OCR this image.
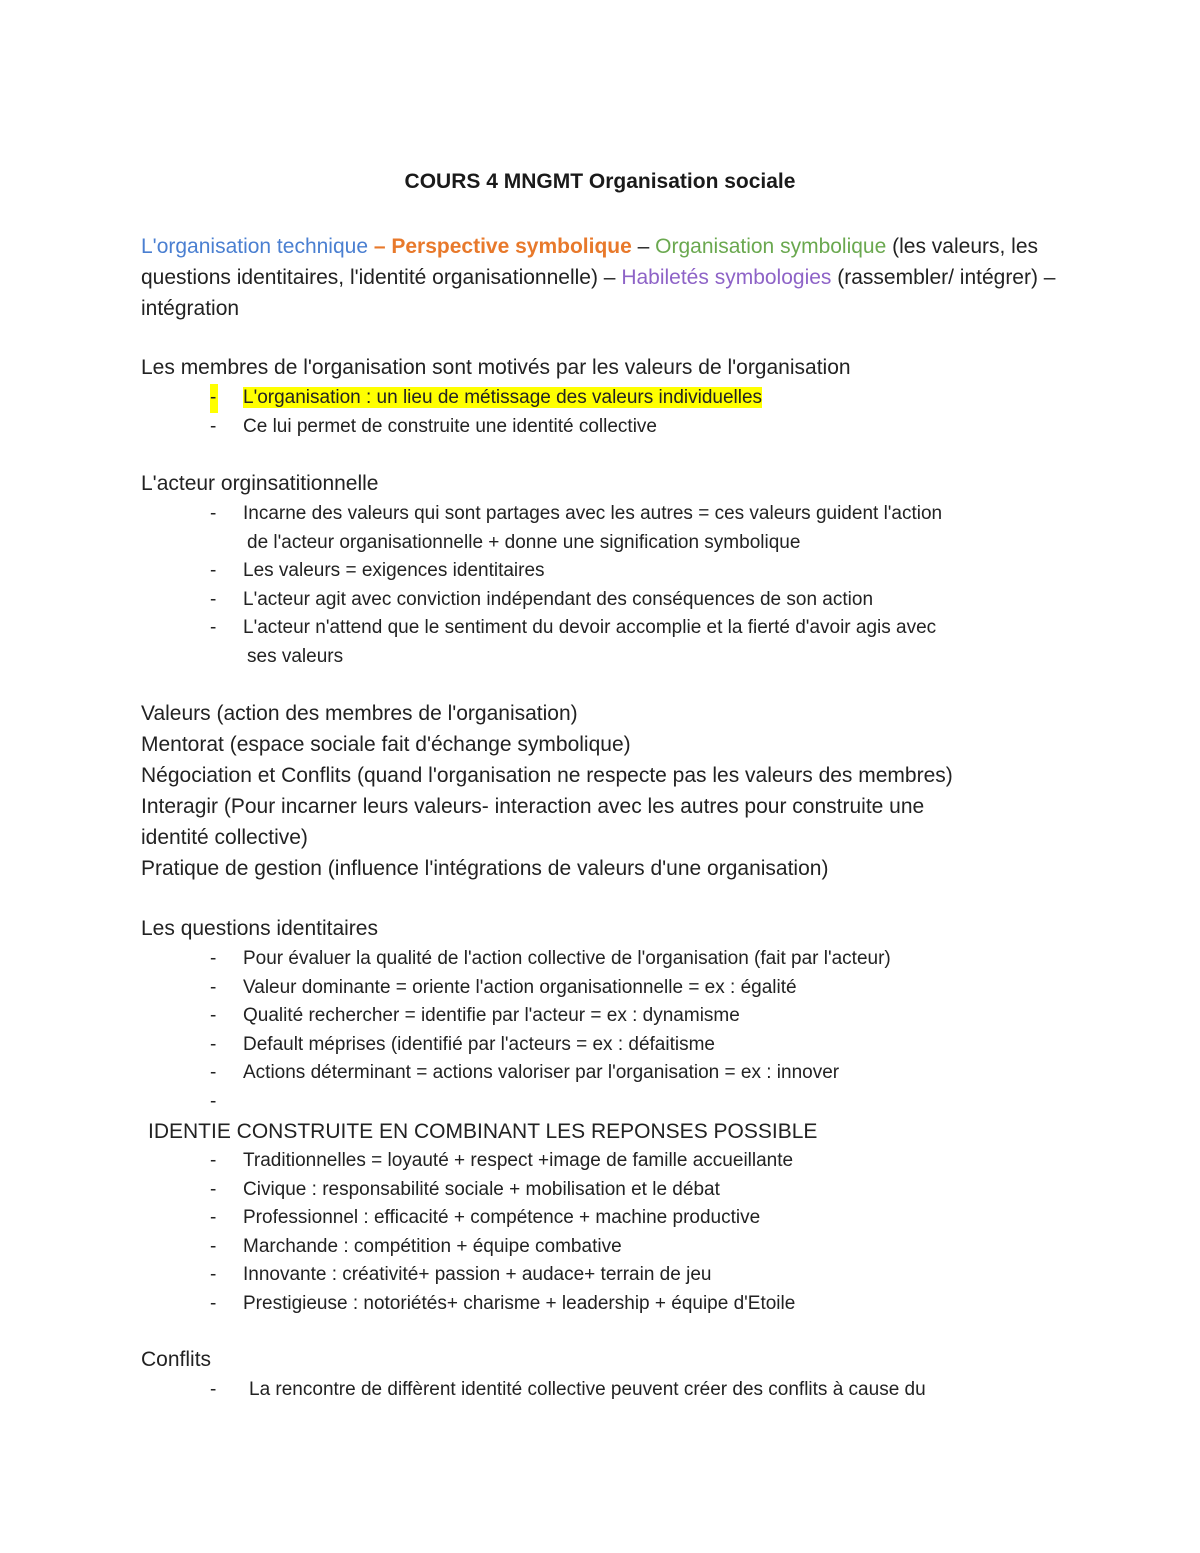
COURS 4 MNGMT Organisation sociale
L'organisation technique – Perspective symbolique – Organisation symbolique (les valeurs, les questions identitaires, l'identité organisationnelle) – Habiletés symbologies (rassembler/ intégrer) – intégration
Les membres de l'organisation sont motivés par les valeurs de l'organisation
- L'organisation : un lieu de métissage des valeurs individuelles
- Ce lui permet de construite une identité collective
L'acteur orginsatitionnelle
- Incarne des valeurs qui sont partages avec les autres = ces valeurs guident l'action
de l'acteur organisationnelle + donne une signification symbolique
- Les valeurs = exigences identitaires
- L'acteur agit avec conviction indépendant des conséquences de son action
- L'acteur n'attend que le sentiment du devoir accomplie et la fierté d'avoir agis avec
ses valeurs
Valeurs (action des membres de l'organisation)
Mentorat (espace sociale fait d'échange symbolique)
Négociation et Conflits (quand l'organisation ne respecte pas les valeurs des membres)
Interagir (Pour incarner leurs valeurs- interaction avec les autres pour construite une
identité collective)
Pratique de gestion (influence l'intégrations de valeurs d'une organisation)
Les questions identitaires
- Pour évaluer la qualité de l'action collective de l'organisation (fait par l'acteur)
- Valeur dominante = oriente l'action organisationnelle = ex : égalité
- Qualité rechercher = identifie par l'acteur = ex : dynamisme
- Default méprises (identifié par l'acteurs = ex : défaitisme
- Actions déterminant = actions valoriser par l'organisation = ex : innover
-

IDENTIE CONSTRUITE EN COMBINANT LES REPONSES POSSIBLE
- Traditionnelles = loyauté + respect +image de famille accueillante
- Civique : responsabilité sociale + mobilisation et le débat
- Professionnel : efficacité + compétence + machine productive
- Marchande : compétition + équipe combative
- Innovante : créativité+ passion + audace+ terrain de jeu
- Prestigieuse : notoriétés+ charisme + leadership + équipe d'Etoile
Conflits
- La rencontre de diffèrent identité collective peuvent créer des conflits à cause du
